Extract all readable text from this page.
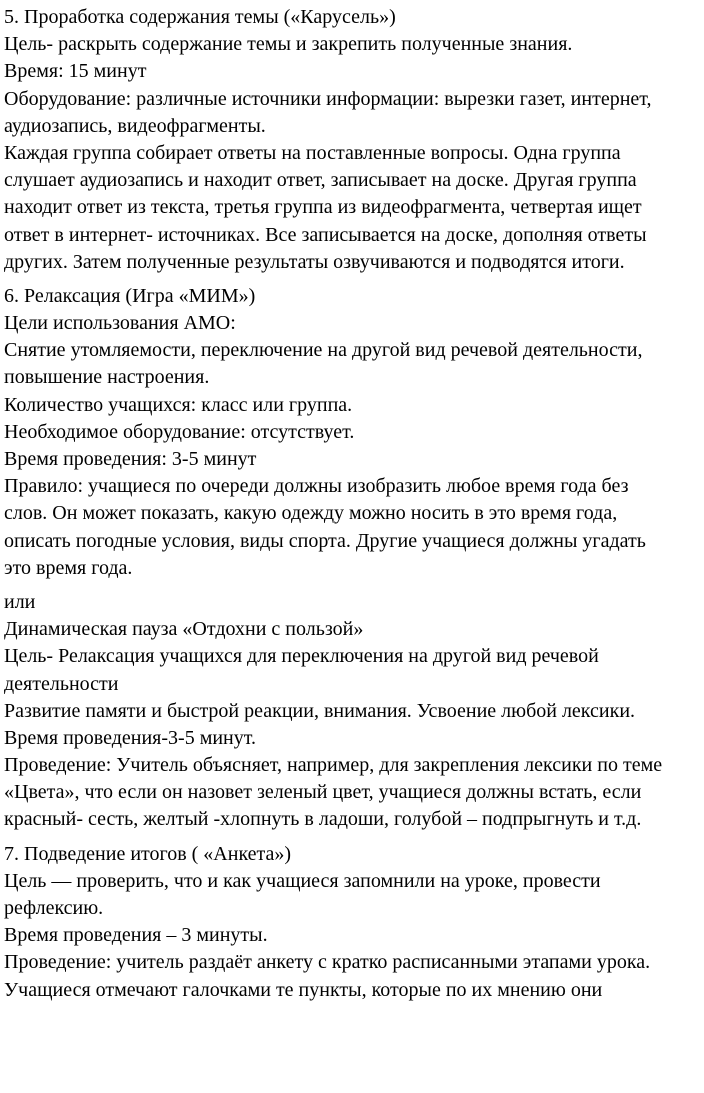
5. Проработка содержания темы («Карусель»)
Цель- раскрыть содержание темы и закрепить полученные знания.
Время: 15 минут
Оборудование: различные источники информации: вырезки газет, интернет,
аудиозапись, видеофрагменты.
Каждая группа собирает ответы на поставленные вопросы. Одна группа
слушает аудиозапись и находит ответ, записывает на доске. Другая группа
находит ответ из текста, третья группа из видеофрагмента, четвертая ищет
ответ в интернет- источниках. Все записывается на доске, дополняя ответы
других. Затем полученные результаты озвучиваются и подводятся итоги.
6. Релаксация (Игра «МИМ»)
Цели использования АМО:
Снятие утомляемости, переключение на другой вид речевой деятельности,
повышение настроения.
Количество учащихся: класс или группа.
Необходимое оборудование: отсутствует.
Время проведения: 3-5 минут
Правило: учащиеся по очереди должны изобразить любое время года без
слов. Он может показать, какую одежду можно носить в это время года,
описать погодные условия, виды спорта. Другие учащиеся должны угадать
это время года.
или
Динамическая пауза «Отдохни с пользой»
Цель- Релаксация учащихся для переключения на другой вид речевой
деятельности
Развитие памяти и быстрой реакции, внимания. Усвоение любой лексики.
Время проведения-3-5 минут.
Проведение: Учитель объясняет, например, для закрепления лексики по теме
«Цвета», что если он назовет зеленый цвет, учащиеся должны встать, если
красный- сесть, желтый -хлопнуть в ладоши, голубой – подпрыгнуть и т.д.
7. Подведение итогов ( «Анкета»)
Цель — проверить, что и как учащиеся запомнили на уроке, провести
рефлексию.
Время проведения – 3 минуты.
Проведение: учитель раздаёт анкету с кратко расписанными этапами урока.
Учащиеся отмечают галочками те пункты, которые по их мнению они
